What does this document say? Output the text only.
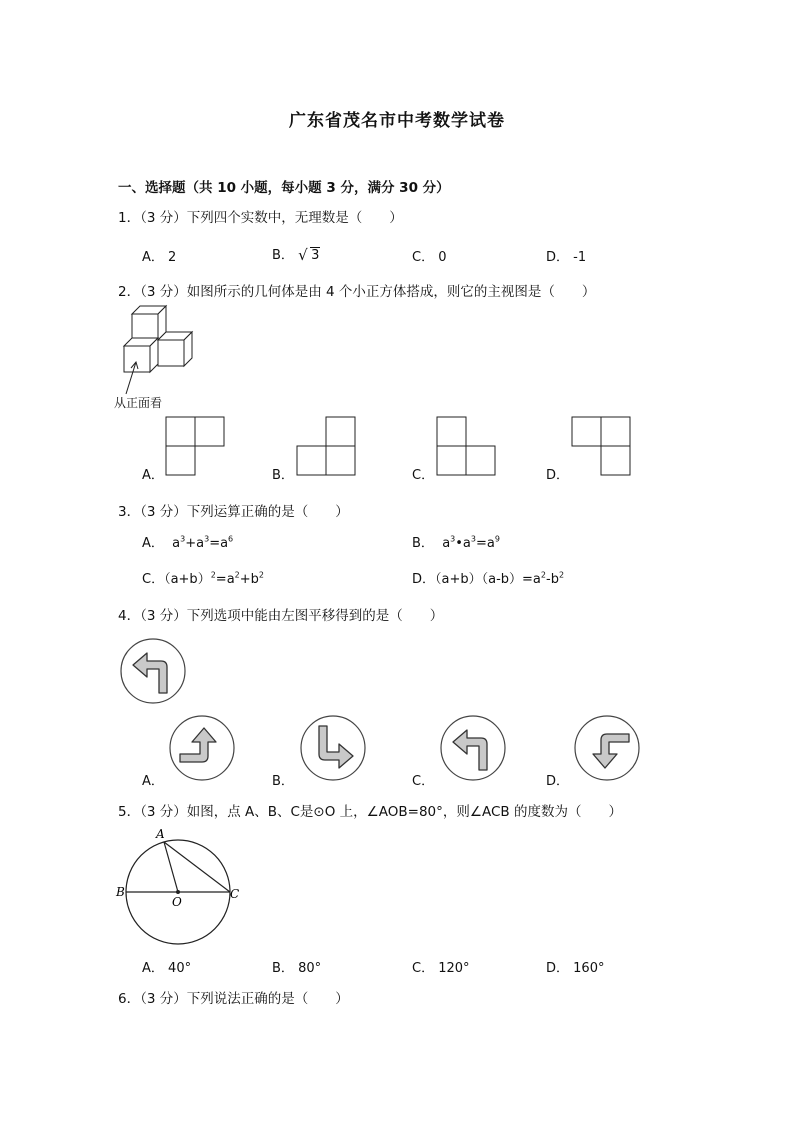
广东省茂名市中考数学试卷
一、选择题（共 10 小题，每小题 3 分，满分 30 分）
1．（3 分）下列四个实数中，无理数是（　　）
A． 2	B． √ 3	C． 0	D． -1
2．（3 分）如图所示的几何体是由 4 个小正方体搭成，则它的主视图是（　　）
从正面看
A．	B．	C．	D．
3．（3 分）下列运算正确的是（　　）
A． $a^3+a^3=a^6$	B． $a^3•a^3=a^9$
C．$(a+b)^2=a^2+b^2$	D．$(a+b)(a-b)=a^2-b^2$
4．（3 分）下列选项中能由左图平移得到的是（　　）
A．	B．	C．	D．
5．（3 分）如图，点 A、B、C是⊙O 上，∠AOB=80°，则∠ACB 的度数为（　　）
A
B	C
O
A． 40°	B． 80°	C． 120°	D． 160°
6．（3 分）下列说法正确的是（　　）
